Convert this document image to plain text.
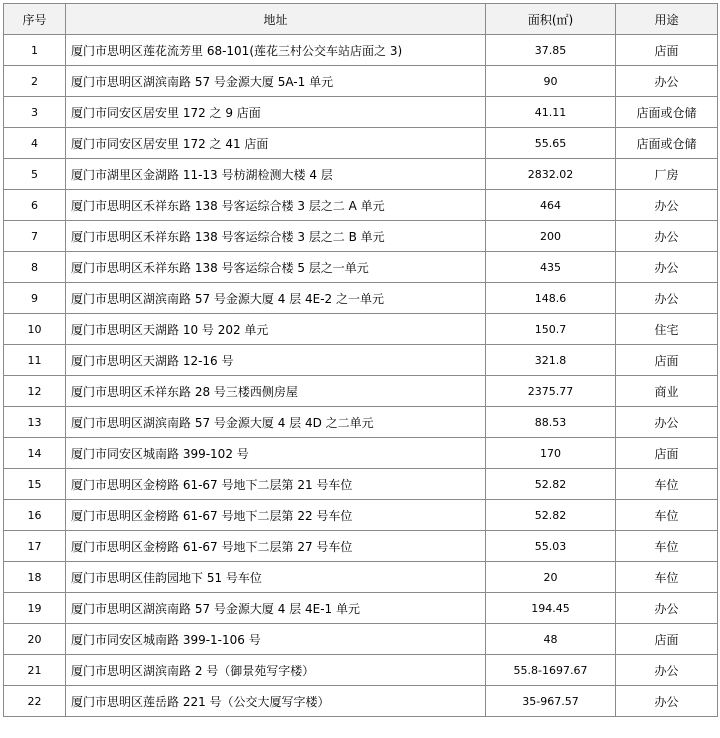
序号	地址	面积(㎡)	用途
1	厦门市思明区莲花流芳里 68-101(莲花三村公交车站店面之 3)	37.85	店面
2	厦门市思明区湖滨南路 57 号金源大厦 5A-1 单元	90	办公
3	厦门市同安区居安里 172 之 9 店面	41.11	店面或仓储
4	厦门市同安区居安里 172 之 41 店面	55.65	店面或仓储
5	厦门市湖里区金湖路 11-13 号枋湖检测大楼 4 层	2832.02	厂房
6	厦门市思明区禾祥东路 138 号客运综合楼 3 层之二 A 单元	464	办公
7	厦门市思明区禾祥东路 138 号客运综合楼 3 层之二 B 单元	200	办公
8	厦门市思明区禾祥东路 138 号客运综合楼 5 层之一单元	435	办公
9	厦门市思明区湖滨南路 57 号金源大厦 4 层 4E-2 之一单元	148.6	办公
10	厦门市思明区天湖路 10 号 202 单元	150.7	住宅
11	厦门市思明区天湖路 12-16 号	321.8	店面
12	厦门市思明区禾祥东路 28 号三楼西侧房屋	2375.77	商业
13	厦门市思明区湖滨南路 57 号金源大厦 4 层 4D 之二单元	88.53	办公
14	厦门市同安区城南路 399-102 号	170	店面
15	厦门市思明区金榜路 61-67 号地下二层第 21 号车位	52.82	车位
16	厦门市思明区金榜路 61-67 号地下二层第 22 号车位	52.82	车位
17	厦门市思明区金榜路 61-67 号地下二层第 27 号车位	55.03	车位
18	厦门市思明区佳韵园地下 51 号车位	20	车位
19	厦门市思明区湖滨南路 57 号金源大厦 4 层 4E-1 单元	194.45	办公
20	厦门市同安区城南路 399-1-106 号	48	店面
21	厦门市思明区湖滨南路 2 号（御景苑写字楼）	55.8-1697.67	办公
22	厦门市思明区莲岳路 221 号（公交大厦写字楼）	35-967.57	办公
